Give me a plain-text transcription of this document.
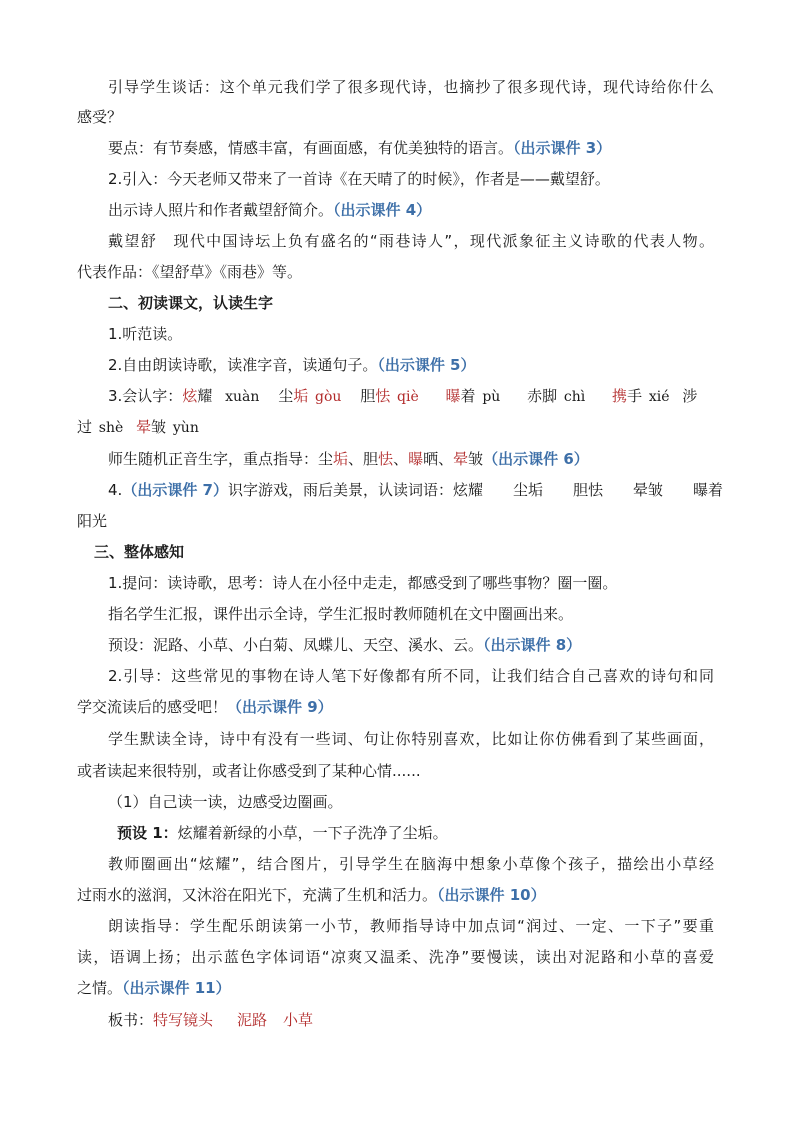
引导学生谈话：这个单元我们学了很多现代诗，也摘抄了很多现代诗，现代诗给你什么
感受？
要点：有节奏感，情感丰富，有画面感，有优美独特的语言。（出示课件 3）
2.引入：今天老师又带来了一首诗《在天晴了的时候》，作者是——戴望舒。
出示诗人照片和作者戴望舒简介。（出示课件 4）
戴望舒　现代中国诗坛上负有盛名的“雨巷诗人”，现代派象征主义诗歌的代表人物。
代表作品：《望舒草》《雨巷》等。
二、初读课文，认读生字
1.听范读。
2.自由朗读诗歌，读准字音，读通句子。（出示课件 5）
3.会认字：炫耀 xuàn 尘垢 gòu 胆怯 qiè 曝着 pù 赤脚 chì 携手 xié 涉
过 shè 晕皱 yùn
师生随机正音生字，重点指导：尘垢、胆怯、曝晒、晕皱（出示课件 6）
4.（出示课件 7）识字游戏，雨后美景，认读词语：炫耀　　尘垢　　胆怯　　晕皱　　曝着
阳光
三、整体感知
1.提问：读诗歌，思考：诗人在小径中走走，都感受到了哪些事物？圈一圈。
指名学生汇报，课件出示全诗，学生汇报时教师随机在文中圈画出来。
预设：泥路、小草、小白菊、凤蝶儿、天空、溪水、云。（出示课件 8）
2.引导：这些常见的事物在诗人笔下好像都有所不同，让我们结合自己喜欢的诗句和同
学交流读后的感受吧！（出示课件 9）
学生默读全诗，诗中有没有一些词、句让你特别喜欢，比如让你仿佛看到了某些画面，
或者读起来很特别，或者让你感受到了某种心情......
（1）自己读一读，边感受边圈画。
预设 1：炫耀着新绿的小草，一下子洗净了尘垢。
教师圈画出“炫耀”，结合图片，引导学生在脑海中想象小草像个孩子，描绘出小草经
过雨水的滋润，又沐浴在阳光下，充满了生机和活力。（出示课件 10）
朗读指导：学生配乐朗读第一小节，教师指导诗中加点词“润过、一定、一下子”要重
读，语调上扬；出示蓝色字体词语“凉爽又温柔、洗净”要慢读，读出对泥路和小草的喜爱
之情。（出示课件 11）
板书：特写镜头 泥路 小草
